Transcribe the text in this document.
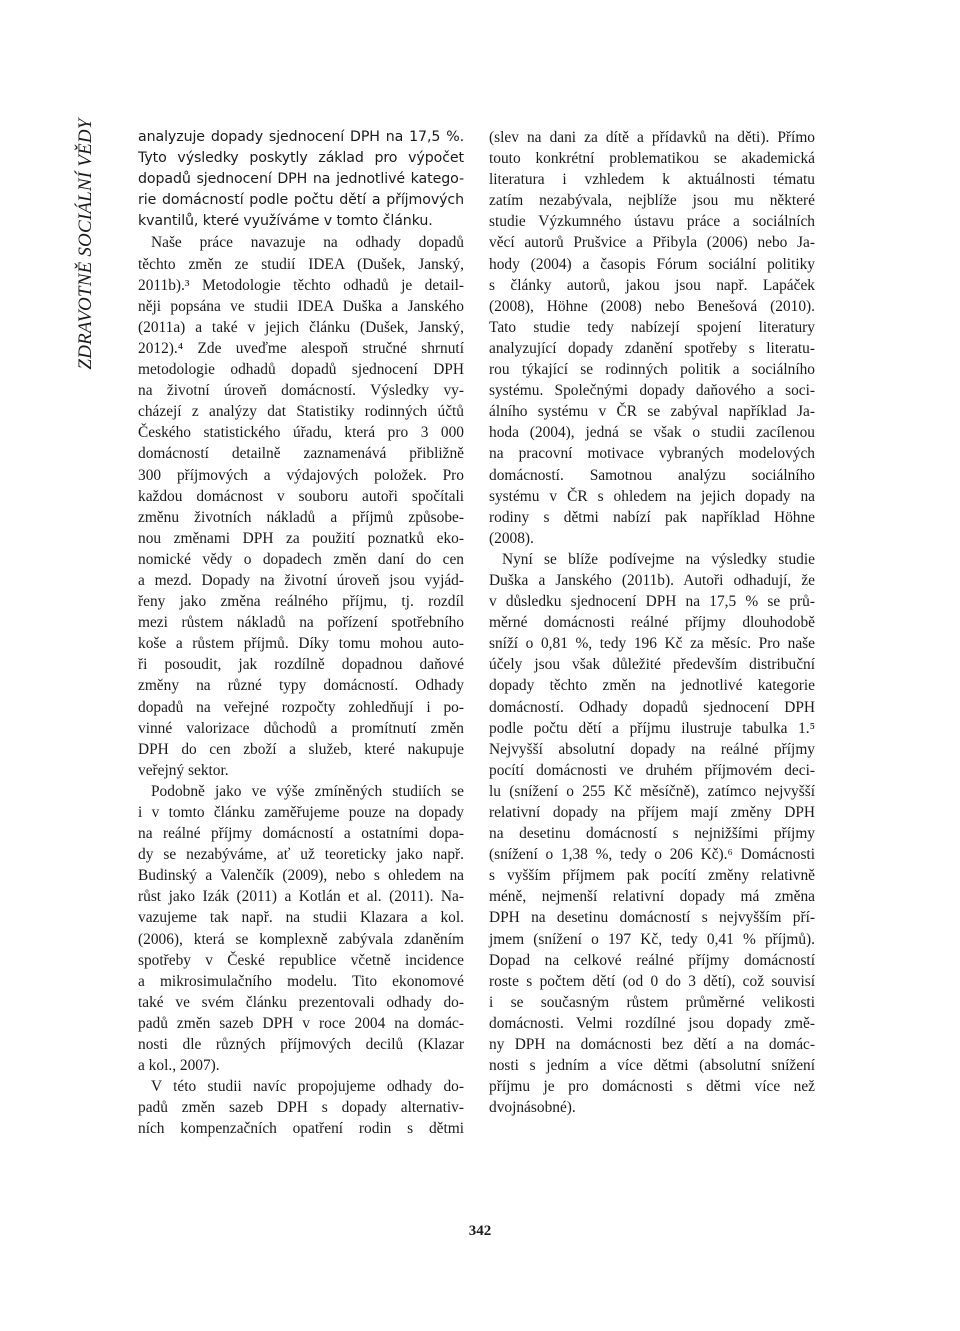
ZDRAVOTNĚ SOCIÁLNÍ VĚDY	analyzuje dopady sjednocení DPH na 17,5 %.
Tyto výsledky poskytly základ pro výpočet
dopadů sjednocení DPH na jednotlivé katego-
rie domácností podle počtu dětí a příjmových
kvantilů, které využíváme v tomto článku.
Naše práce navazuje na odhady dopadů
těchto změn ze studií IDEA (Dušek, Janský,
2011b).³ Metodologie těchto odhadů je detail-
něji popsána ve studii IDEA Duška a Janského
(2011a) a také v jejich článku (Dušek, Janský,
2012).⁴ Zde uveďme alespoň stručné shrnutí
metodologie odhadů dopadů sjednocení DPH
na životní úroveň domácností. Výsledky vy-
cházejí z analýzy dat Statistiky rodinných účtů
Českého statistického úřadu, která pro 3 000
domácností detailně zaznamenává přibližně
300 příjmových a výdajových položek. Pro
každou domácnost v souboru autoři spočítali
změnu životních nákladů a příjmů způsobe-
nou změnami DPH za použití poznatků eko-
nomické vědy o dopadech změn daní do cen
a mezd. Dopady na životní úroveň jsou vyjád-
řeny jako změna reálného příjmu, tj. rozdíl
mezi růstem nákladů na pořízení spotřebního
koše a růstem příjmů. Díky tomu mohou auto-
ři posoudit, jak rozdílně dopadnou daňové
změny na různé typy domácností. Odhady
dopadů na veřejné rozpočty zohledňují i po-
vinné valorizace důchodů a promítnutí změn
DPH do cen zboží a služeb, které nakupuje
veřejný sektor.
Podobně jako ve výše zmíněných studiích se
i v tomto článku zaměřujeme pouze na dopady
na reálné příjmy domácností a ostatními dopa-
dy se nezabýváme, ať už teoreticky jako např.
Budinský a Valenčík (2009), nebo s ohledem na
růst jako Izák (2011) a Kotlán et al. (2011). Na-
vazujeme tak např. na studii Klazara a kol.
(2006), která se komplexně zabývala zdaněním
spotřeby v České republice včetně incidence
a mikrosimulačního modelu. Tito ekonomové
také ve svém článku prezentovali odhady do-
padů změn sazeb DPH v roce 2004 na domác-
nosti dle různých příjmových decilů (Klazar
a kol., 2007).
V této studii navíc propojujeme odhady do-
padů změn sazeb DPH s dopady alternativ-
ních kompenzačních opatření rodin s dětmi
(slev na dani za dítě a přídavků na děti). Přímo
touto konkrétní problematikou se akademická
literatura i vzhledem k aktuálnosti tématu
zatím nezabývala, nejblíže jsou mu některé
studie Výzkumného ústavu práce a sociálních
věcí autorů Prušvice a Přibyla (2006) nebo Ja-
hody (2004) a časopis Fórum sociální politiky
s články autorů, jakou jsou např. Lapáček
(2008), Höhne (2008) nebo Benešová (2010).
Tato studie tedy nabízejí spojení literatury
analyzující dopady zdanění spotřeby s literatu-
rou týkající se rodinných politik a sociálního
systému. Společnými dopady daňového a soci-
álního systému v ČR se zabýval například Ja-
hoda (2004), jedná se však o studii zacílenou
na pracovní motivace vybraných modelových
domácností. Samotnou analýzu sociálního
systému v ČR s ohledem na jejich dopady na
rodiny s dětmi nabízí pak například Höhne
(2008).
Nyní se blíže podívejme na výsledky studie
Duška a Janského (2011b). Autoři odhadují, že
v důsledku sjednocení DPH na 17,5 % se prů-
měrné domácnosti reálné příjmy dlouhodobě
sníží o 0,81 %, tedy 196 Kč za měsíc. Pro naše
účely jsou však důležité především distribuční
dopady těchto změn na jednotlivé kategorie
domácností. Odhady dopadů sjednocení DPH
podle počtu dětí a příjmu ilustruje tabulka 1.⁵
Nejvyšší absolutní dopady na reálné příjmy
pocítí domácnosti ve druhém příjmovém deci-
lu (snížení o 255 Kč měsíčně), zatímco nejvyšší
relativní dopady na příjem mají změny DPH
na desetinu domácností s nejnižšími příjmy
(snížení o 1,38 %, tedy o 206 Kč).⁶ Domácnosti
s vyšším příjmem pak pocítí změny relativně
méně, nejmenší relativní dopady má změna
DPH na desetinu domácností s nejvyšším pří-
jmem (snížení o 197 Kč, tedy 0,41 % příjmů).
Dopad na celkové reálné příjmy domácností
roste s počtem dětí (od 0 do 3 dětí), což souvisí
i se současným růstem průměrné velikosti
domácnosti. Velmi rozdílné jsou dopady změ-
ny DPH na domácnosti bez dětí a na domác-
nosti s jedním a více dětmi (absolutní snížení
příjmu je pro domácnosti s dětmi více než
dvojnásobné).
342
